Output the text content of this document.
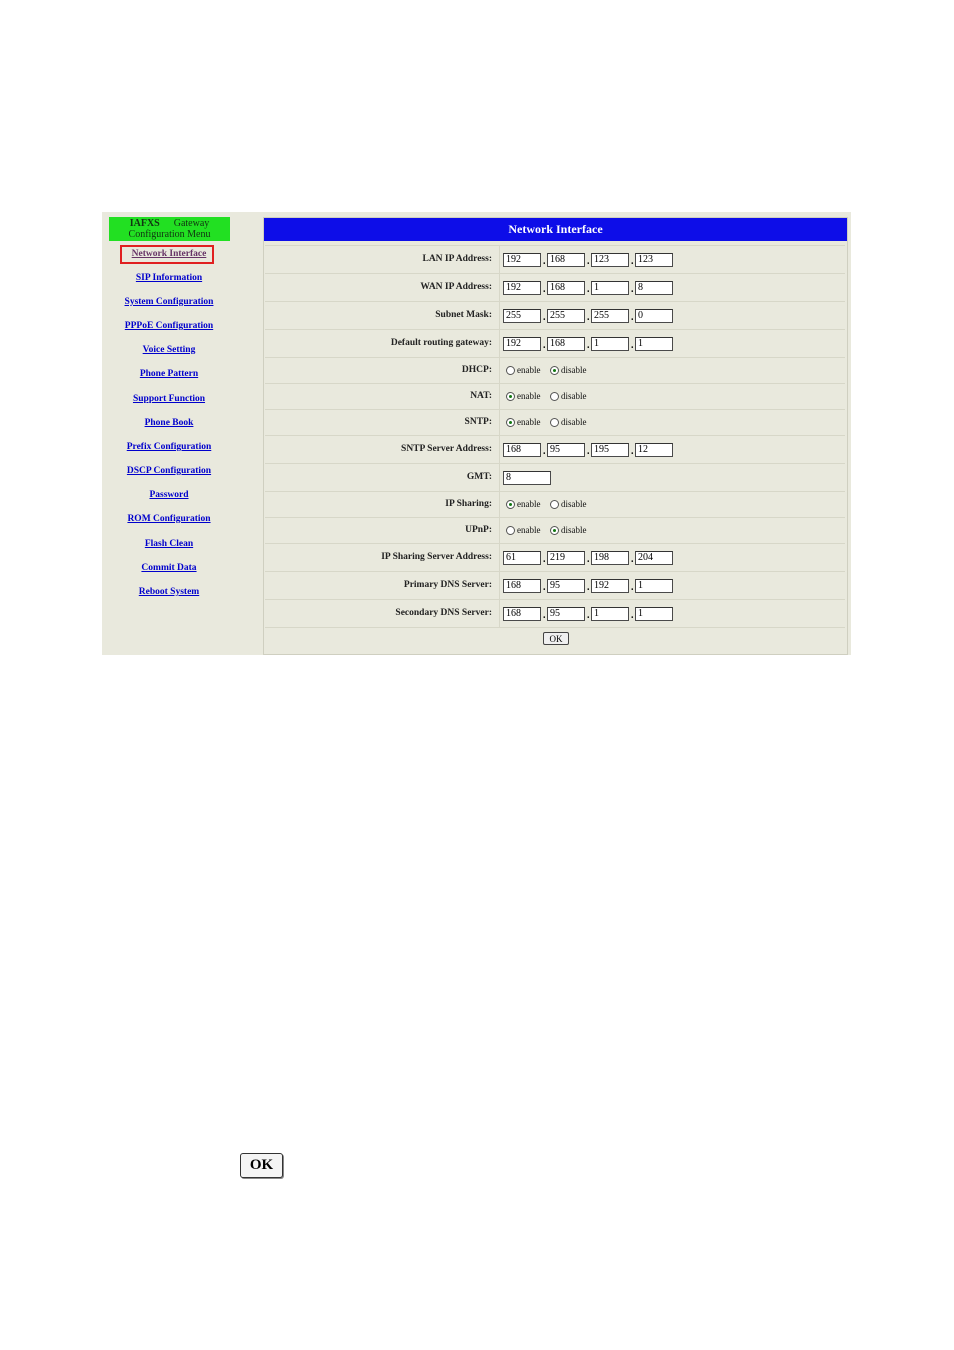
IAFXS Gateway
Configuration Menu
Network Interface
SIP Information
System Configuration
PPPoE Configuration
Voice Setting
Phone Pattern
Support Function
Phone Book
Prefix Configuration
DSCP Configuration
Password
ROM Configuration
Flash Clean
Commit Data
Reboot System
Network Interface
LAN IP Address:	192	. 168	. 123	. 123
WAN IP Address:	192	. 168	. 1	. 8
Subnet Mask:	255	. 255	. 255	. 0
Default routing gateway:	192	. 168	. 1	. 1
DHCP:	enable disable
NAT:	enable disable
SNTP:	enable disable
SNTP Server Address:	168	. 95	. 195	. 12
GMT:	8
IP Sharing:	enable disable
UPnP:	enable disable
IP Sharing Server Address:	61	. 219	. 198	. 204
Primary DNS Server:	168	. 95	. 192	. 1
Secondary DNS Server:	168	. 95	. 1	. 1
OK
OK
